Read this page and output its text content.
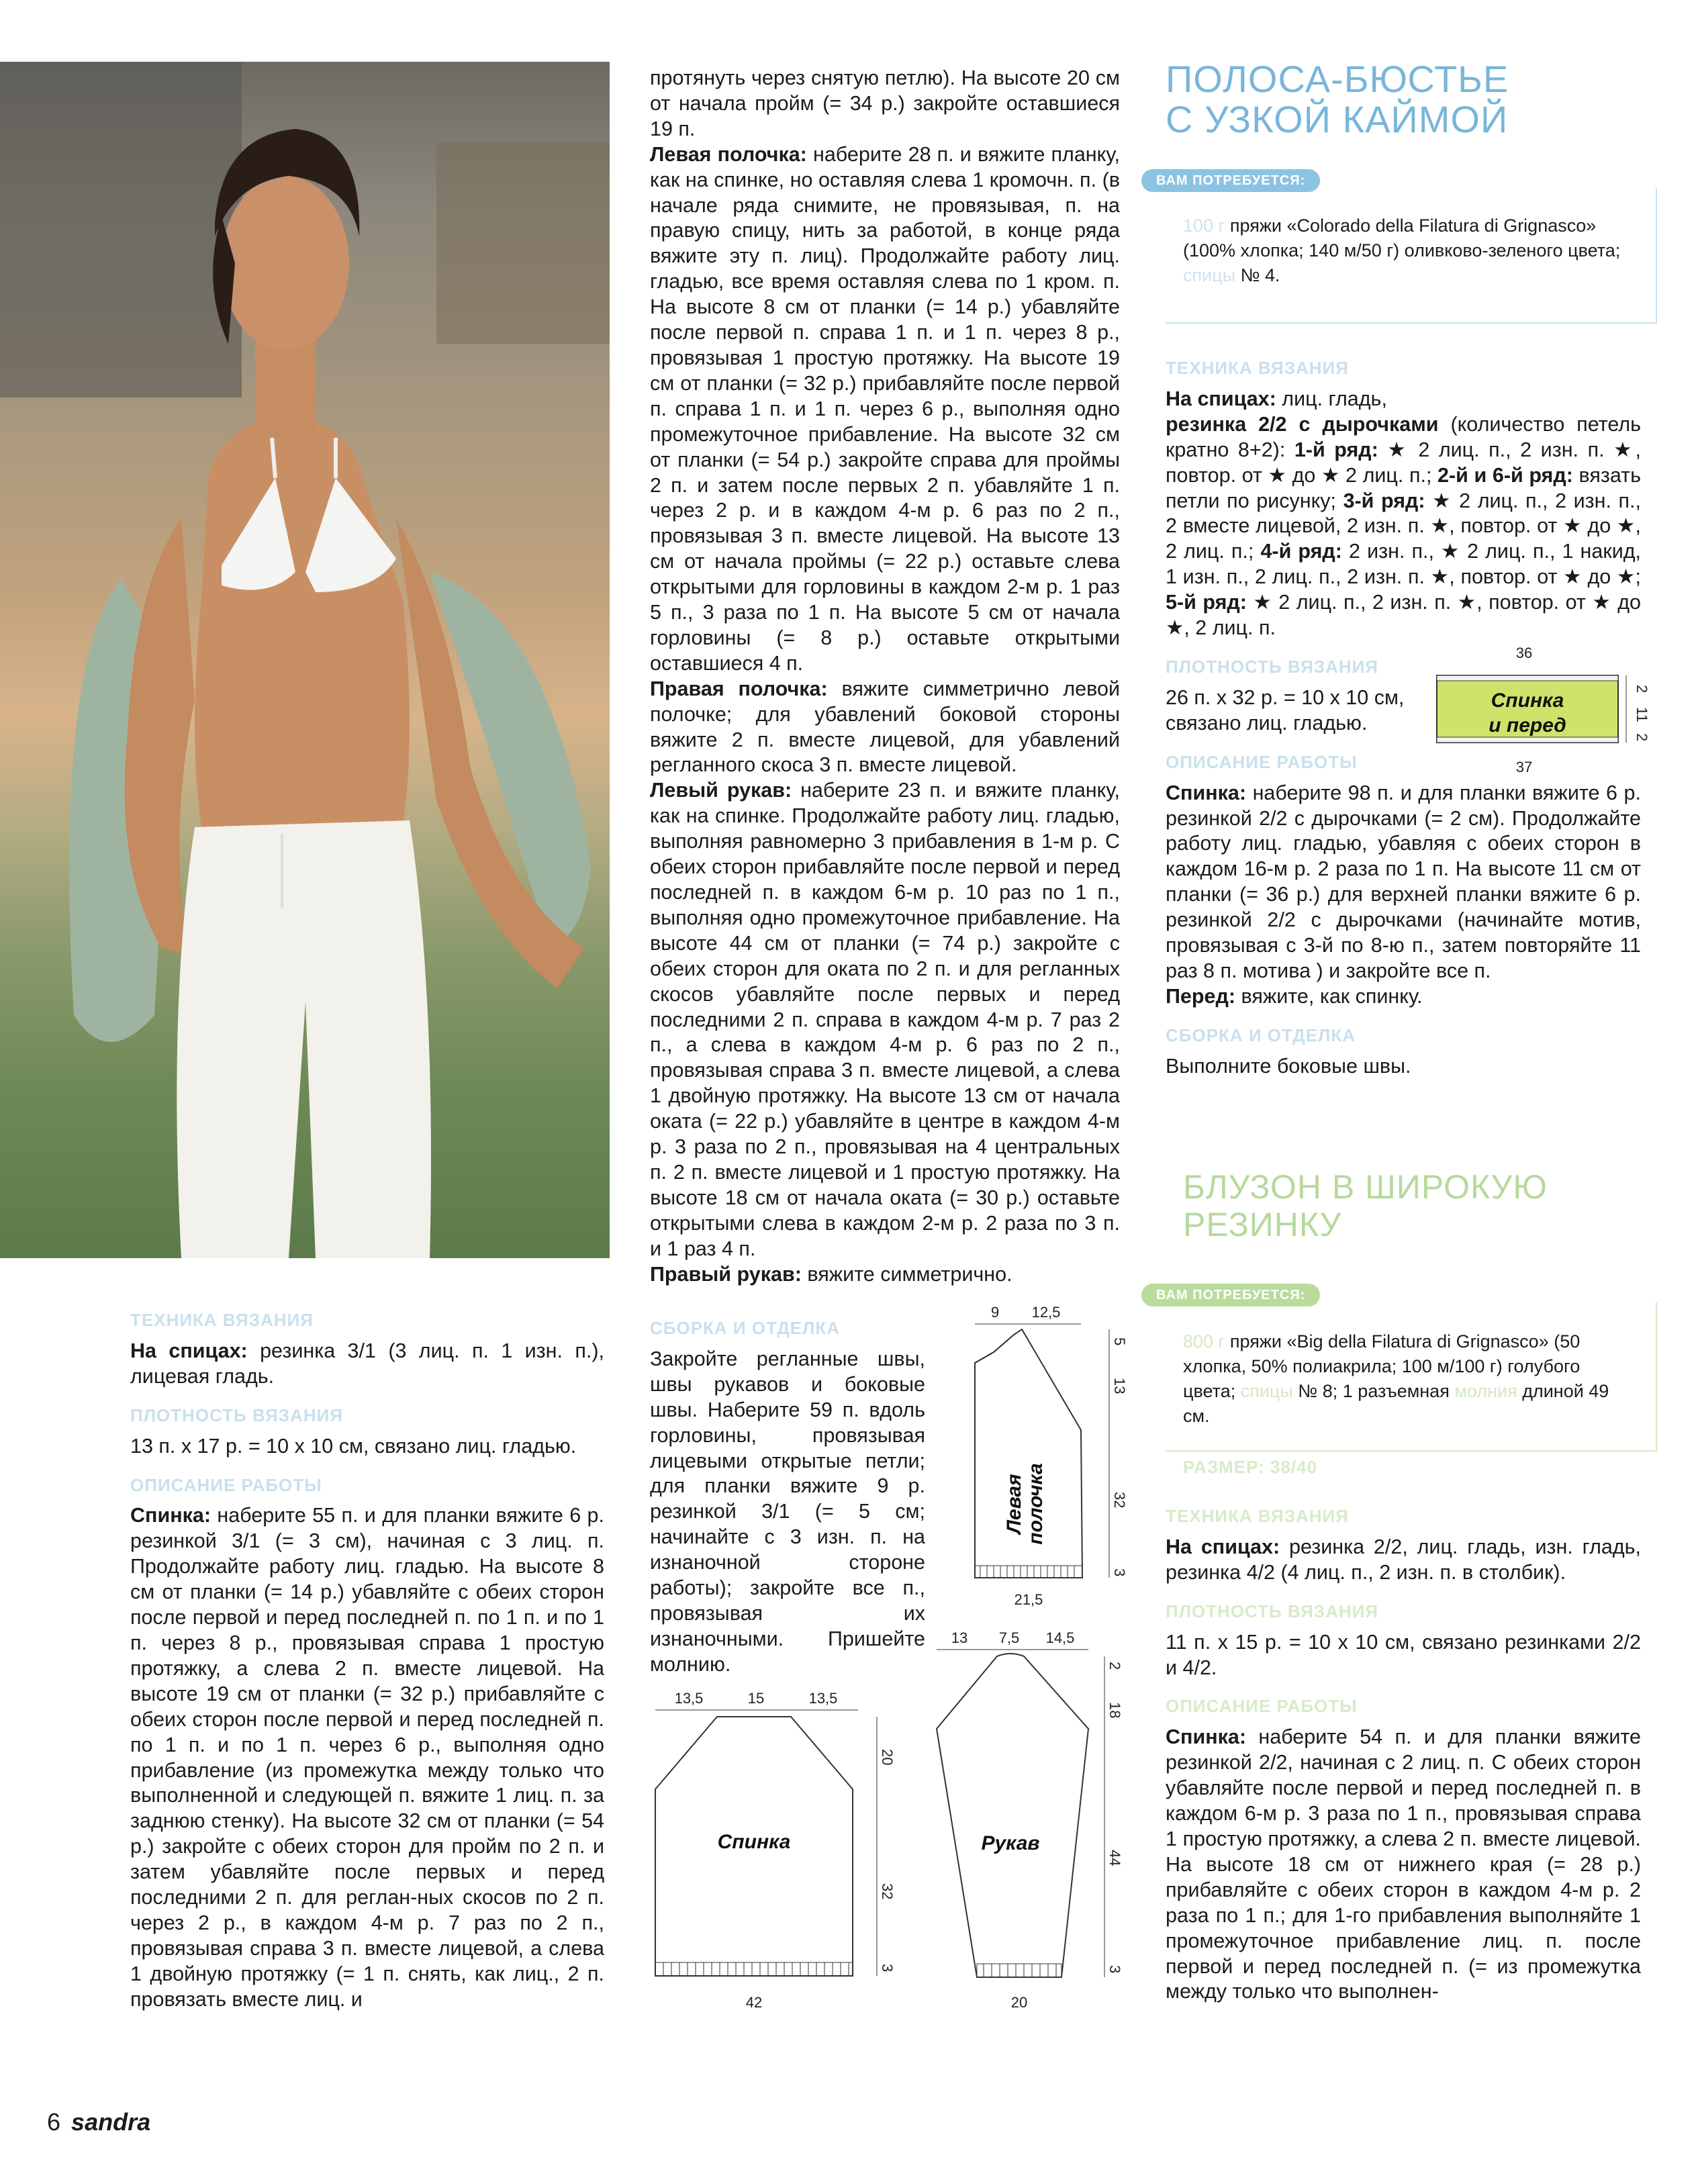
ТЕХНИКА ВЯЗАНИЯ

На спицах: резинка 3/1 (3 лиц. п. 1 изн. п.), лицевая гладь.

ПЛОТНОСТЬ ВЯЗАНИЯ

13 п. x 17 р. = 10 x 10 см, связано лиц. гладью.

ОПИСАНИЕ РАБОТЫ

Спинка: наберите 55 п. и для планки вяжите 6 р. резинкой 3/1 (= 3 см), начиная с 3 лиц. п. Продолжайте работу лиц. гладью. На высоте 8 см от планки (= 14 р.) убавляйте с обеих сторон после первой и перед последней п. по 1 п. и по 1 п. через 8 р., провязывая справа 1 простую протяжку, а слева 2 п. вместе лицевой. На высоте 19 см от планки (= 32 р.) прибавляйте с обеих сторон после первой и перед последней п. по 1 п. и по 1 п. через 6 р., выполняя одно прибавление (из промежутка между только что выполненной и следующей п. вяжите 1 лиц. п. за заднюю стенку). На высоте 32 см от планки (= 54 р.) закройте с обеих сторон для пройм по 2 п. и затем убавляйте после первых и перед последними 2 п. для реглан-ных скосов по 2 п. через 2 р., в каждом 4-м р. 7 раз по 2 п., провязывая справа 3 п. вместе лицевой, а слева 1 двойную протяжку (= 1 п. снять, как лиц., 2 п. провязать вместе лиц. и

протянуть через снятую петлю). На высоте 20 см от начала пройм (= 34 р.) закройте оставшиеся 19 п.

Левая полочка: наберите 28 п. и вяжите планку, как на спинке, но оставляя слева 1 кромочн. п. (в начале ряда снимите, не провязывая, п. на правую спицу, нить за работой, в конце ряда вяжите эту п. лиц). Продолжайте работу лиц. гладью, все время оставляя слева по 1 кром. п. На высоте 8 см от планки (= 14 р.) убавляйте после первой п. справа 1 п. и 1 п. через 8 р., провязывая 1 простую протяжку. На высоте 19 см от планки (= 32 р.) прибавляйте после первой п. справа 1 п. и 1 п. через 6 р., выполняя одно промежуточное прибавление. На высоте 32 см от планки (= 54 р.) закройте справа для проймы 2 п. и затем после первых 2 п. убавляйте 1 п. через 2 р. и в каждом 4-м р. 6 раз по 2 п., провязывая 3 п. вместе лицевой. На высоте 13 см от начала проймы (= 22 р.) оставьте слева открытыми для горловины в каждом 2-м р. 1 раз 5 п., 3 раза по 1 п. На высоте 5 см от начала горловины (= 8 р.) оставьте открытыми оставшиеся 4 п.

Правая полочка: вяжите симметрично левой полочке; для убавлений боковой стороны вяжите 2 п. вместе лицевой, для убавлений регланного скоса 3 п. вместе лицевой.

Левый рукав: наберите 23 п. и вяжите планку, как на спинке. Продолжайте работу лиц. гладью, выполняя равномерно 3 прибавления в 1-м р. С обеих сторон прибавляйте после первой и перед последней п. в каждом 6-м р. 10 раз по 1 п., выполняя одно промежуточное прибавление. На высоте 44 см от планки (= 74 р.) закройте с обеих сторон для оката по 2 п. и для регланных скосов убавляйте после первых и перед последними 2 п. справа в каждом 4-м р. 7 раз 2 п., а слева в каждом 4-м р. 6 раз по 2 п., провязывая справа 3 п. вместе лицевой, а слева 1 двойную протяжку. На высоте 13 см от начала оката (= 22 р.) убавляйте в центре в каждом 4-м р. 3 раза по 2 п., провязывая на 4 центральных п. 2 п. вместе лицевой и 1 простую протяжку. На высоте 18 см от начала оката (= 30 р.) оставьте открытыми слева в каждом 2-м р. 2 раза по 3 п. и 1 раз 4 п.

Правый рукав: вяжите симметрично.

СБОРКА И ОТДЕЛКА

Закройте регланные швы, швы рукавов и боковые швы. Наберите 59 п. вдоль горловины, провязывая лицевыми открытые петли; для планки вяжите 9 р. резинкой 3/1 (= 5 см; начинайте с 3 изн. п. на изнаночной стороне работы); закройте все п., провязывая их изнаночными. Пришейте молнию.

ПОЛОСА-БЮСТЬЕ
С УЗКОЙ КАЙМОЙ
ВАМ ПОТРЕБУЕТСЯ:
100 г пряжи «Colorado della Filatura di Grignasco» (100% хлопка; 140 м/50 г) оливково-зеленого цвета; спицы № 4.
ТЕХНИКА ВЯЗАНИЯ

На спицах: лиц. гладь,

резинка 2/2 с дырочками (количество петель кратно 8+2): 1-й ряд: ★ 2 лиц. п., 2 изн. п. ★, повтор. от ★ до ★ 2 лиц. п.; 2-й и 6-й ряд: вязать петли по рисунку; 3-й ряд: ★ 2 лиц. п., 2 изн. п., 2 вместе лицевой, 2 изн. п. ★, повтор. от ★ до ★, 2 лиц. п.; 4-й ряд: 2 изн. п., ★ 2 лиц. п., 1 накид, 1 изн. п., 2 лиц. п., 2 изн. п. ★, повтор. от ★ до ★; 5-й ряд: ★ 2 лиц. п., 2 изн. п. ★, повтор. от ★ до ★, 2 лиц. п.

ПЛОТНОСТЬ ВЯЗАНИЯ

26 п. x 32 р. = 10 x 10 см, связано лиц. гладью.

ОПИСАНИЕ РАБОТЫ

Спинка: наберите 98 п. и для планки вяжите 6 р. резинкой 2/2 с дырочками (= 2 см). Продолжайте работу лиц. гладью, убавляя с обеих сторон в каждом 16-м р. 2 раза по 1 п. На высоте 11 см от планки (= 36 р.) для верхней планки вяжите 6 р. резинкой 2/2 с дырочками (начинайте мотив, провязывая с 3-й по 8-ю п., затем повторяйте 11 раз 8 п. мотива ) и закройте все п.

Перед: вяжите, как спинку.

СБОРКА И ОТДЕЛКА

Выполните боковые швы.

36
Спинка
и перед
37
2
11
2
БЛУЗОН В ШИРОКУЮ
РЕЗИНКУ
ВАМ ПОТРЕБУЕТСЯ:
800 г пряжи «Big della Filatura di Grignasco» (50 хлопка, 50% полиакрила; 100 м/100 г) голубого цвета; спицы № 8; 1 разъемная молния длиной 49 см.
РАЗМЕР: 38/40
ТЕХНИКА ВЯЗАНИЯ

На спицах: резинка 2/2, лиц. гладь, изн. гладь, резинка 4/2 (4 лиц. п., 2 изн. п. в столбик).

ПЛОТНОСТЬ ВЯЗАНИЯ

11 п. x 15 р. = 10 x 10 см, связано резинками 2/2 и 4/2.

ОПИСАНИЕ РАБОТЫ

Спинка: наберите 54 п. и для планки вяжите резинкой 2/2, начиная с 2 лиц. п. С обеих сторон убавляйте после первой и перед последней п. в каждом 6-м р. 3 раза по 1 п., провязывая справа 1 простую протяжку, а слева 2 п. вместе лицевой. На высоте 18 см от нижнего края (= 28 р.) прибавляйте с обеих сторон в каждом 4-м р. 2 раза по 1 п.; для 1-го прибавления выполняйте 1 промежуточное прибавление лиц. п. после первой и перед последней п. (= из промежутка между только что выполнен-

9 12,5
Левая полочка
5
13
32
3
21,5
13,5	15	13,5
Спинка
20
32
3
42
13 7,5 14,5
Рукав
2
18
44
3
20
6 sandra
